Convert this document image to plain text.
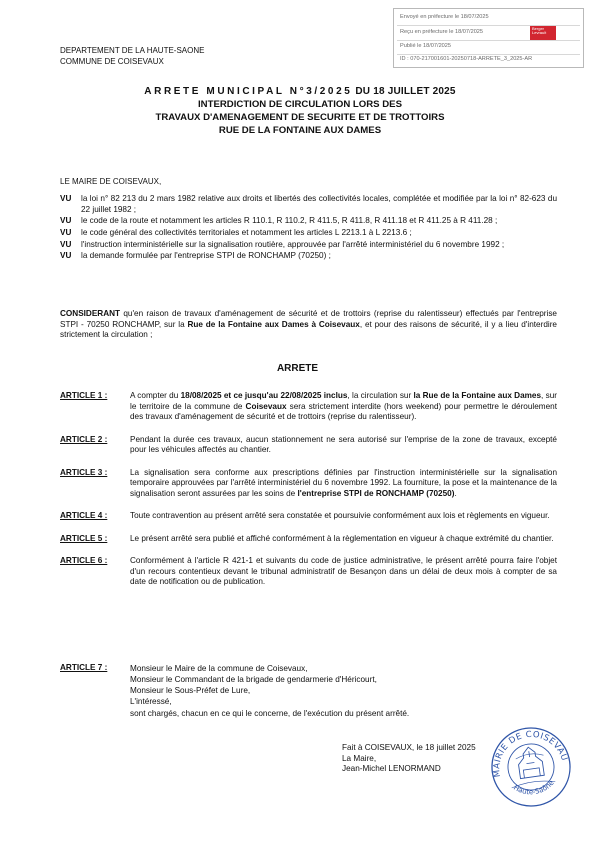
Envoyé en préfecture le 18/07/2025
Reçu en préfecture le 18/07/2025
Publié le 18/07/2025
ID : 070-217001601-20250718-ARRETE_3_2025-AR
Berger Levrault
DEPARTEMENT DE LA HAUTE-SAONE
COMMUNE DE COISEVAUX
ARRETE MUNICIPAL N°3/2025 DU 18 JUILLET 2025
INTERDICTION DE CIRCULATION LORS DES
TRAVAUX D'AMENAGEMENT DE SECURITE ET DE TROTTOIRS
RUE DE LA FONTAINE AUX DAMES
LE MAIRE DE COISEVAUX,
VU la loi n° 82 213 du 2 mars 1982 relative aux droits et libertés des collectivités locales, complétée et modifiée par la loi n° 82-623 du 22 juillet 1982 ;
VU le code de la route et notamment les articles R 110.1, R 110.2, R 411.5, R 411.8, R 411.18 et R 411.25 à R 411.28 ;
VU le code général des collectivités territoriales et notamment les articles L 2213.1 à L 2213.6 ;
VU l'instruction interministérielle sur la signalisation routière, approuvée par l'arrêté interministériel du 6 novembre 1992 ;
VU la demande formulée par l'entreprise STPI de RONCHAMP (70250) ;
CONSIDERANT qu'en raison de travaux d'aménagement de sécurité et de trottoirs (reprise du ralentisseur) effectués par l'entreprise STPI - 70250 RONCHAMP, sur la Rue de la Fontaine aux Dames à Coisevaux, et pour des raisons de sécurité, il y a lieu d'interdire strictement la circulation ;
ARRETE
ARTICLE 1 :	A compter du 18/08/2025 et ce jusqu'au 22/08/2025 inclus, la circulation sur la Rue de la Fontaine aux Dames, sur le territoire de la commune de Coisevaux sera strictement interdite (hors weekend) pour permettre le déroulement des travaux d'aménagement de sécurité et de trottoirs (reprise du ralentisseur).
ARTICLE 2 :	Pendant la durée ces travaux, aucun stationnement ne sera autorisé sur l'emprise de la zone de travaux, excepté pour les véhicules affectés au chantier.
ARTICLE 3 :	La signalisation sera conforme aux prescriptions définies par l'instruction interministérielle sur la signalisation temporaire approuvées par l'arrêté interministériel du 6 novembre 1992. La fourniture, la pose et la maintenance de la signalisation seront assurées par les soins de l'entreprise STPI de RONCHAMP (70250).
ARTICLE 4 :	Toute contravention au présent arrêté sera constatée et poursuivie conformément aux lois et règlements en vigueur.
ARTICLE 5 :	Le présent arrêté sera publié et affiché conformément à la règlementation en vigueur à chaque extrémité du chantier.
ARTICLE 6 :	Conformément à l'article R 421-1 et suivants du code de justice administrative, le présent arrêté pourra faire l'objet d'un recours contentieux devant le tribunal administratif de Besançon dans un délai de deux mois à compter de sa date de notification ou de publication.
ARTICLE 7 :	Monsieur le Maire de la commune de Coisevaux,
Monsieur le Commandant de la brigade de gendarmerie d'Héricourt,
Monsieur le Sous-Préfet de Lure,
L'intéressé,
sont chargés, chacun en ce qui le concerne, de l'exécution du présent arrêté.
Fait à COISEVAUX, le 18 juillet 2025
La Maire,
Jean-Michel LENORMAND	MAIRIE DE COISEVAUX
Haute-Saône
